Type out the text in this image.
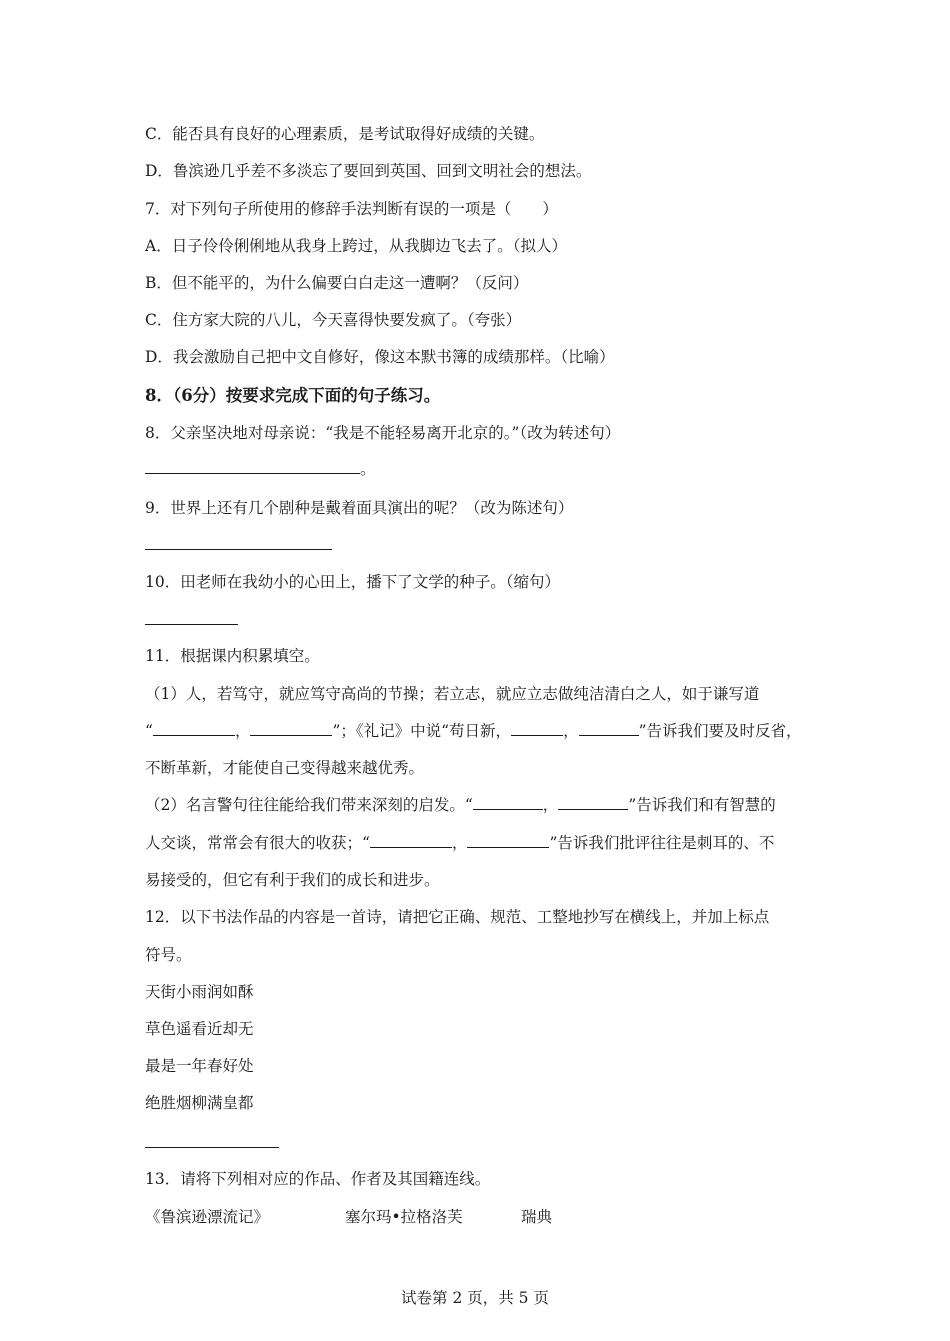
C．能否具有良好的心理素质，是考试取得好成绩的关键。
D．鲁滨逊几乎差不多淡忘了要回到英国、回到文明社会的想法。
7．对下列句子所使用的修辞手法判断有误的一项是（　　）
A．日子伶伶俐俐地从我身上跨过，从我脚边飞去了。（拟人）
B．但不能平的，为什么偏要白白走这一遭啊？（反问）
C．住方家大院的八儿，今天喜得快要发疯了。（夸张）
D．我会激励自己把中文自修好，像这本默书簿的成绩那样。（比喻）
8．（6分）按要求完成下面的句子练习。
8．父亲坚决地对母亲说：“我是不能轻易离开北京的。”（改为转述句）
。
9．世界上还有几个剧种是戴着面具演出的呢？（改为陈述句）
10．田老师在我幼小的心田上，播下了文学的种子。（缩句）
11．根据课内积累填空。
（1）人，若笃守，就应笃守高尚的节操；若立志，就应立志做纯洁清白之人，如于谦写道
“	，	”；《礼记》中说“苟日新，	，	”告诉我们要及时反省，
不断革新，才能使自己变得越来越优秀。
（2）名言警句往往能给我们带来深刻的启发。“	，	”告诉我们和有智慧的
人交谈，常常会有很大的收获；“	，	”告诉我们批评往往是刺耳的、不
易接受的，但它有利于我们的成长和进步。
12．以下书法作品的内容是一首诗，请把它正确、规范、工整地抄写在横线上，并加上标点
符号。
天街小雨润如酥
草色遥看近却无
最是一年春好处
绝胜烟柳满皇都
13．请将下列相对应的作品、作者及其国籍连线。
《鲁滨逊漂流记》	塞尔玛•拉格洛芙	瑞典
试卷第 2 页，共 5 页
